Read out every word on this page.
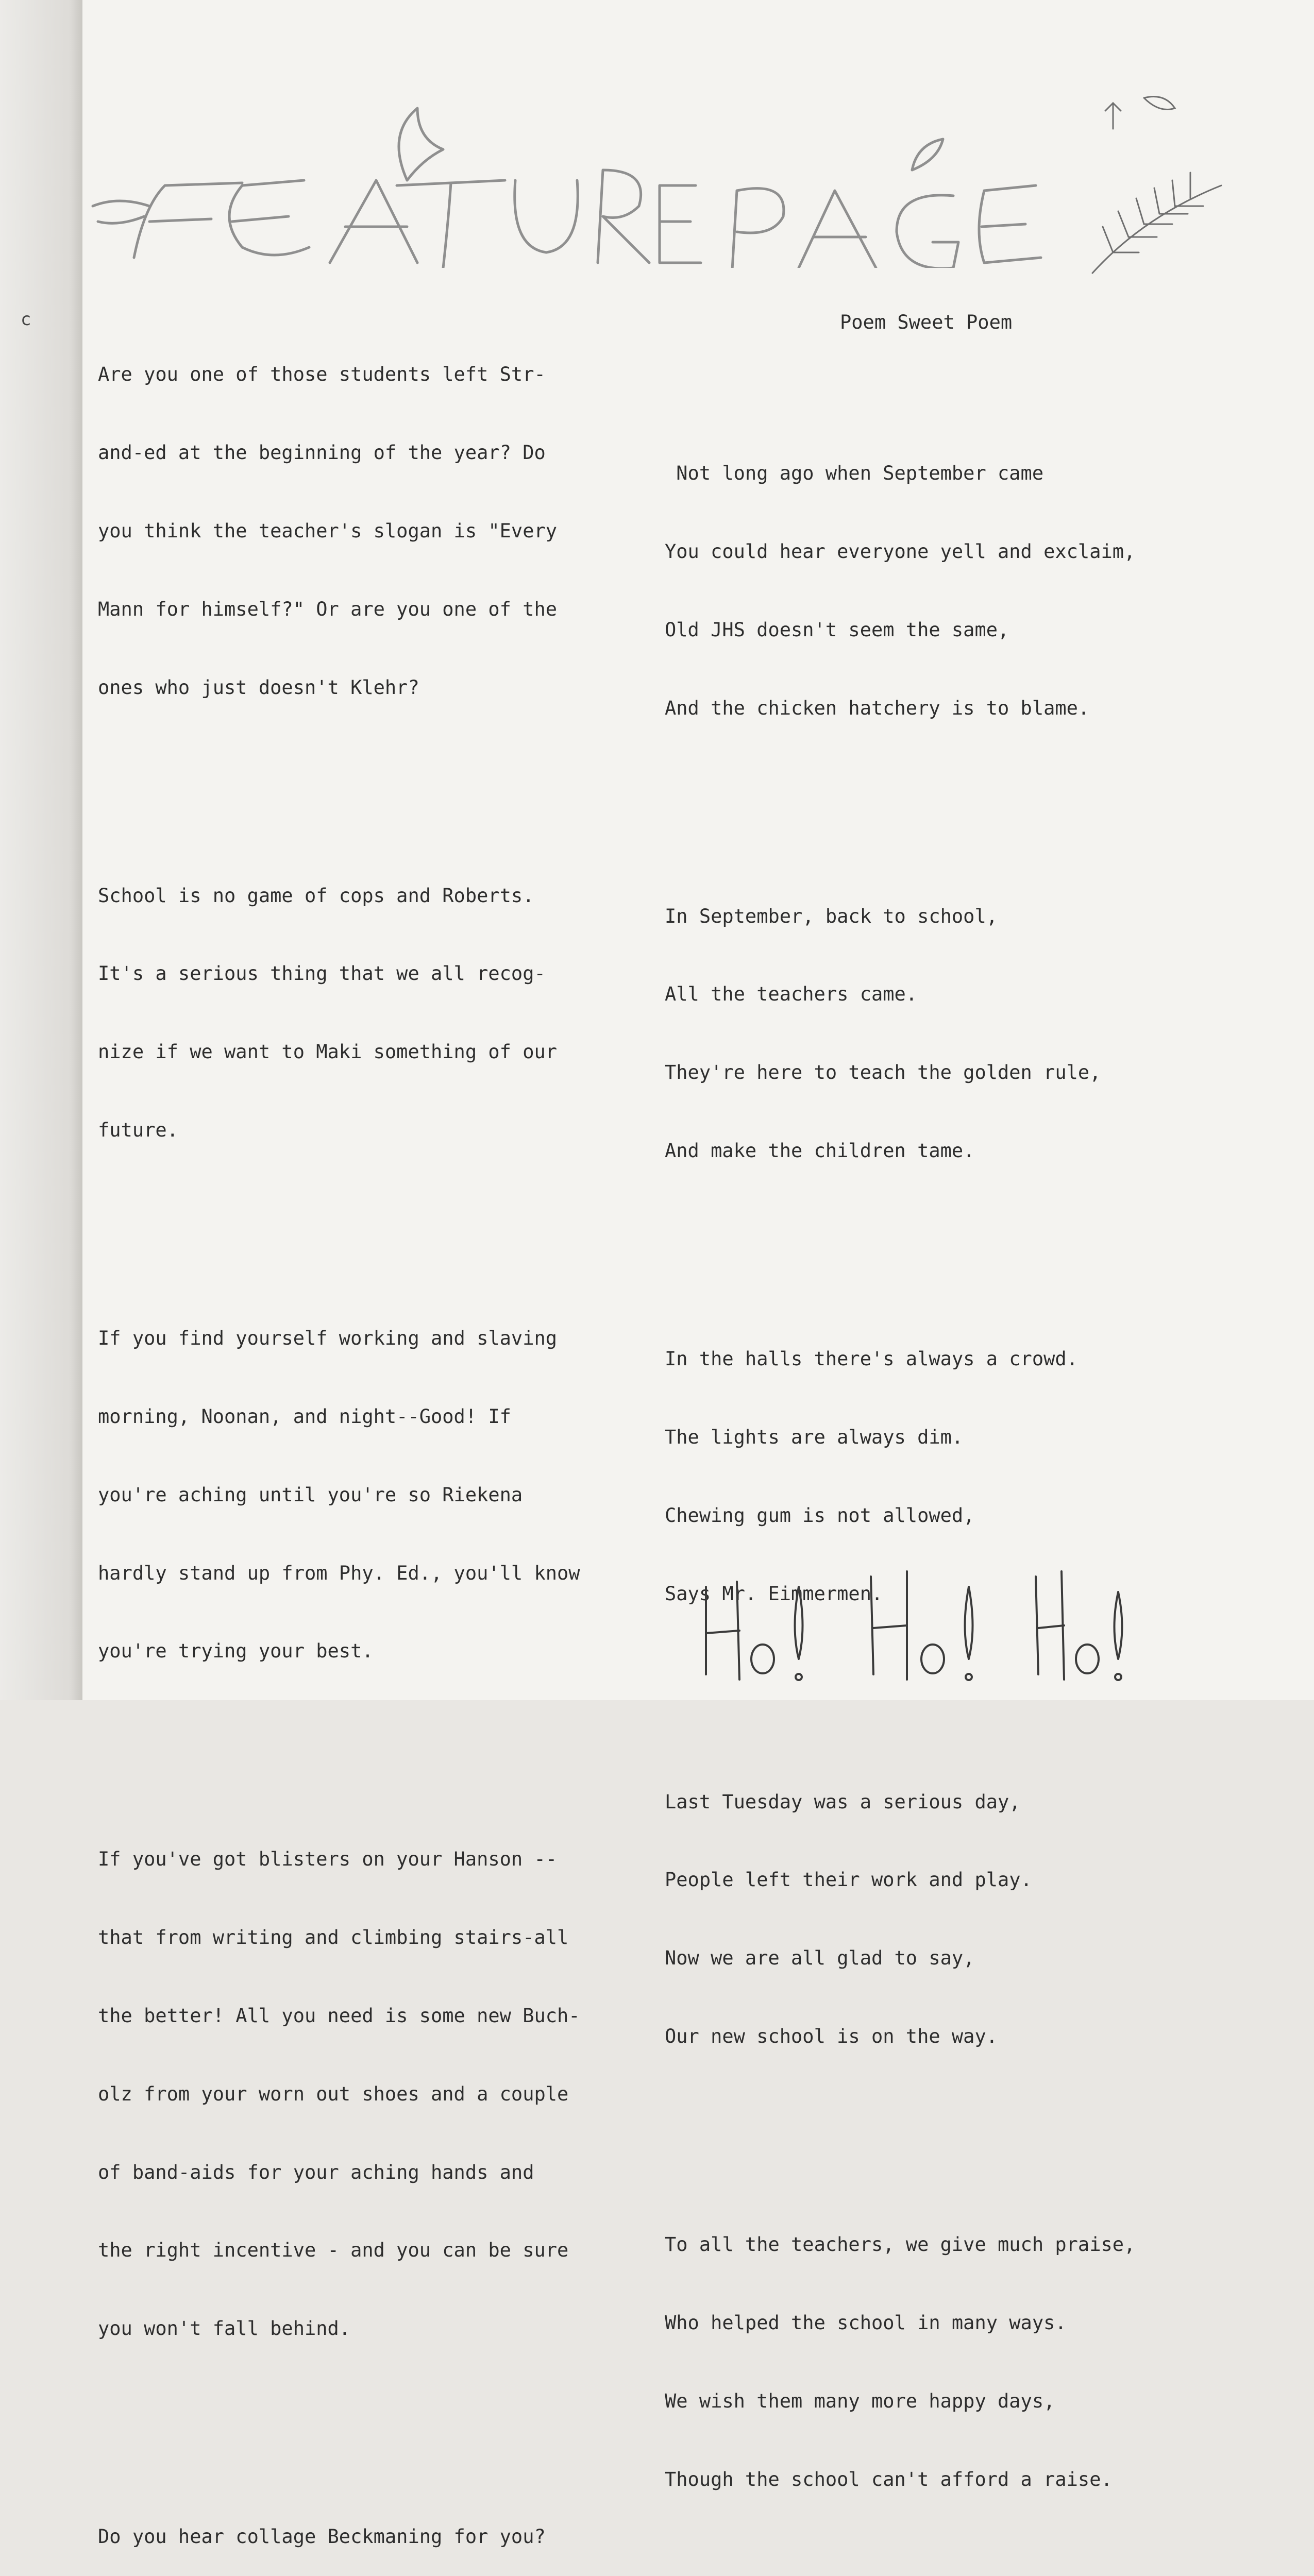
c

Are you one of those students left Str-

and-ed at the beginning of the year? Do

you think the teacher's slogan is "Every

Mann for himself?" Or are you one of the

ones who just doesn't Klehr?

School is no game of cops and Roberts.

It's a serious thing that we all recog-

nize if we want to Maki something of our

future.

If you find yourself working and slaving

morning, Noonan, and night--Good! If

you're aching until you're so Riekena

hardly stand up from Phy. Ed., you'll know

you're trying your best.

If you've got blisters on your Hanson --

that from writing and climbing stairs-all

the better! All you need is some new Buch-

olz from your worn out shoes and a couple

of band-aids for your aching hands and

the right incentive - and you can be sure

you won't fall behind.

Do you hear collage Beckmaning for you?

Poem Sweet Poem

Not long ago when September came

You could hear everyone yell and exclaim,

Old JHS doesn't seem the same,

And the chicken hatchery is to blame.

In September, back to school,

All the teachers came.

They're here to teach the golden rule,

And make the children tame.

In the halls there's always a crowd.

The lights are always dim.

Chewing gum is not allowed,

Says Mr. Eimmermen.

Last Tuesday was a serious day,

People left their work and play.

Now we are all glad to say,

Our new school is on the way.

To all the teachers, we give much praise,

Who helped the school in many ways.

We wish them many more happy days,

Though the school can't afford a raise.
